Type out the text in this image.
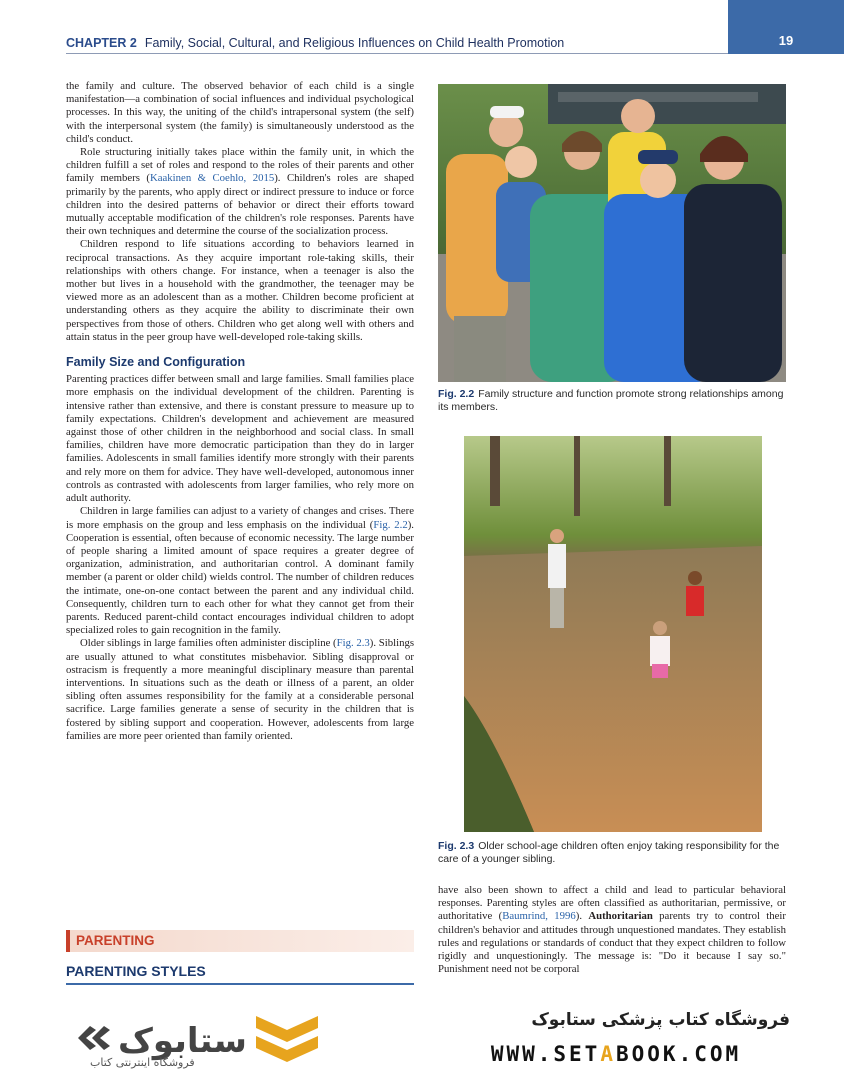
CHAPTER 2 Family, Social, Cultural, and Religious Influences on Child Health Promotion	19

the family and culture. The observed behavior of each child is a single manifestation—a combination of social influences and individual psychological processes. In this way, the uniting of the child's intrapersonal system (the self) with the interpersonal system (the family) is simultaneously understood as the child's conduct.

Role structuring initially takes place within the family unit, in which the children fulfill a set of roles and respond to the roles of their parents and other family members (Kaakinen & Coehlo, 2015). Children's roles are shaped primarily by the parents, who apply direct or indirect pressure to induce or force children into the desired patterns of behavior or direct their efforts toward mutually acceptable modification of the children's role responses. Parents have their own techniques and determine the course of the socialization process.

Children respond to life situations according to behaviors learned in reciprocal transactions. As they acquire important role-taking skills, their relationships with others change. For instance, when a teenager is also the mother but lives in a household with the grandmother, the teenager may be viewed more as an adolescent than as a mother. Children become proficient at understanding others as they acquire the ability to discriminate their own perspectives from those of others. Children who get along well with others and attain status in the peer group have well-developed role-taking skills.

Family Size and Configuration

Parenting practices differ between small and large families. Small families place more emphasis on the individual development of the children. Parenting is intensive rather than extensive, and there is constant pressure to measure up to family expectations. Children's development and achievement are measured against those of other children in the neighborhood and social class. In small families, children have more democratic participation than they do in larger families. Adolescents in small families identify more strongly with their parents and rely more on them for advice. They have well-developed, autonomous inner controls as contrasted with adolescents from larger families, who rely more on adult authority.

Children in large families can adjust to a variety of changes and crises. There is more emphasis on the group and less emphasis on the individual (Fig. 2.2). Cooperation is essential, often because of economic necessity. The large number of people sharing a limited amount of space requires a greater degree of organization, administration, and authoritarian control. A dominant family member (a parent or older child) wields control. The number of children reduces the intimate, one-on-one contact between the parent and any individual child. Consequently, children turn to each other for what they cannot get from their parents. Reduced parent-child contact encourages individual children to adopt specialized roles to gain recognition in the family.

Older siblings in large families often administer discipline (Fig. 2.3). Siblings are usually attuned to what constitutes misbehavior. Sibling disapproval or ostracism is frequently a more meaningful disciplinary measure than parental interventions. In situations such as the death or illness of a parent, an older sibling often assumes responsibility for the family at a considerable personal sacrifice. Large families generate a sense of security in the children that is fostered by sibling support and cooperation. However, adolescents from large families are more peer oriented than family oriented.

PARENTING
PARENTING STYLES
Fig. 2.2 Family structure and function promote strong relationships among its members.
Fig. 2.3 Older school-age children often enjoy taking responsibility for the care of a younger sibling.
have also been shown to affect a child and lead to particular behavioral responses. Parenting styles are often classified as authoritarian, permissive, or authoritative (Baumrind, 1996). Authoritarian parents try to control their children's behavior and attitudes through unquestioned mandates. They establish rules and regulations or standards of conduct that they expect children to follow rigidly and unquestioningly. The message is: "Do it because I say so." Punishment need not be corporal
ستابوک
فروشگاه اینترنتی کتاب
فروشگاه کتاب پزشکی ستابوک
WWW.SETABOOK.COM
